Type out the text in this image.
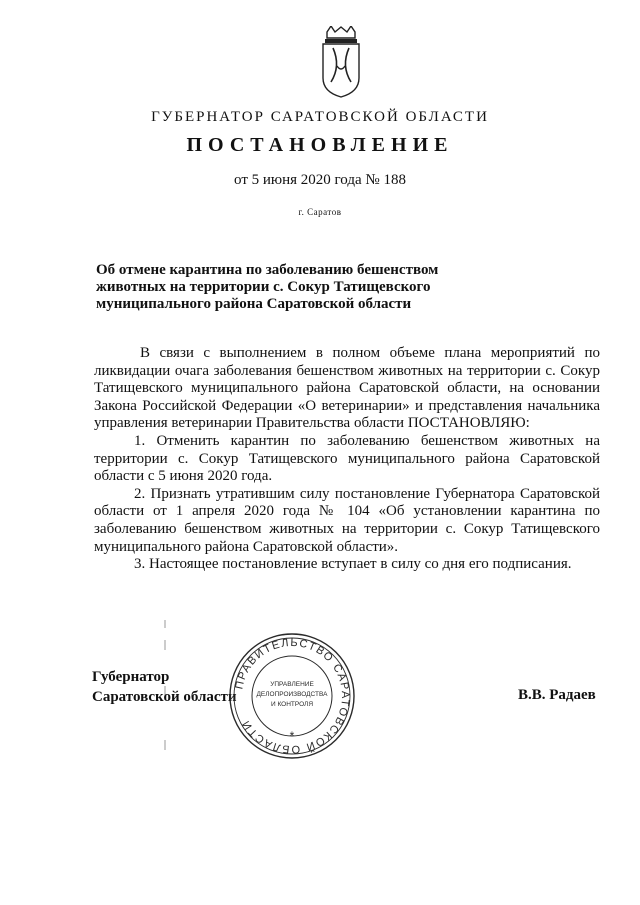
ГУБЕРНАТОР САРАТОВСКОЙ ОБЛАСТИ
ПОСТАНОВЛЕНИЕ
от 5 июня 2020 года № 188
г. Саратов
Об отмене карантина по заболеванию бешенством
животных на территории с. Сокур Татищевского
муниципального района Саратовской области

В связи с выполнением в полном объеме плана мероприятий по ликвидации очага заболевания бешенством животных на территории с. Сокур Татищевского муниципального района Саратовской области, на основании Закона Российской Федерации «О ветеринарии» и представления начальника управления ветеринарии Правительства области ПОСТАНОВЛЯЮ:

1. Отменить карантин по заболеванию бешенством животных на территории с. Сокур Татищевского муниципального района Саратовской области с 5 июня 2020 года.

2. Признать утратившим силу постановление Губернатора Саратовской области от 1 апреля 2020 года № 104 «Об установлении карантина по заболеванию бешенством животных на территории с. Сокур Татищевского муниципального района Саратовской области».

3. Настоящее постановление вступает в силу со дня его подписания.

Губернатор
Саратовской области	В.В. Радаев
ПРАВИТЕЛЬСТВО САРАТОВСКОЙ ОБЛАСТИ
УПРАВЛЕНИЕ
ДЕЛОПРОИЗВОДСТВА
И КОНТРОЛЯ
*
